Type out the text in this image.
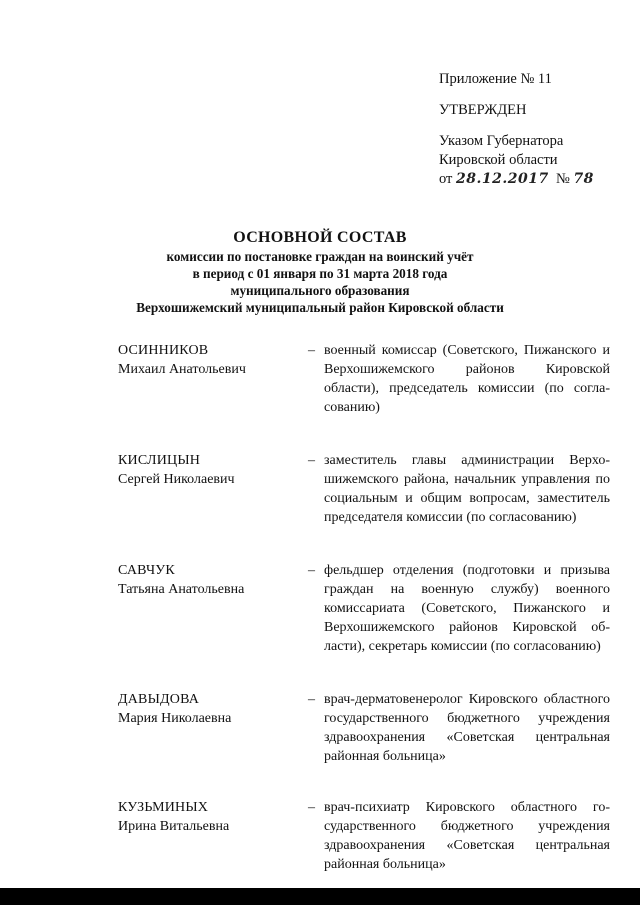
Приложение № 11
УТВЕРЖДЕН
Указом Губернатора
Кировской области
от 28.12.2017 № 78
ОСНОВНОЙ СОСТАВ
комиссии по постановке граждан на воинский учёт
в период с 01 января по 31 марта 2018 года
муниципального образования
Верхошижемский муниципальный район Кировской области
ОСИННИКОВ
Михаил Анатольевич
– военный комиссар (Советского, Пижанского и Верхошижемского районов Кировской области), председатель комиссии (по согласованию)
КИСЛИЦЫН
Сергей Николаевич
– заместитель главы администрации Верхошижемского района, начальник управления по социальным и общим вопросам, заместитель председателя комиссии (по согласованию)
САВЧУК
Татьяна Анатольевна
– фельдшер отделения (подготовки и призыва граждан на военную службу) военного комиссариата (Советского, Пижанского и Верхошижемского районов Кировской области), секретарь комиссии (по согласованию)
ДАВЫДОВА
Мария Николаевна
– врач-дерматовенеролог Кировского областного государственного бюджетного учреждения здравоохранения «Советская центральная районная больница»
КУЗЬМИНЫХ
Ирина Витальевна
– врач-психиатр Кировского областного государственного бюджетного учреждения здравоохранения «Советская центральная районная больница»
